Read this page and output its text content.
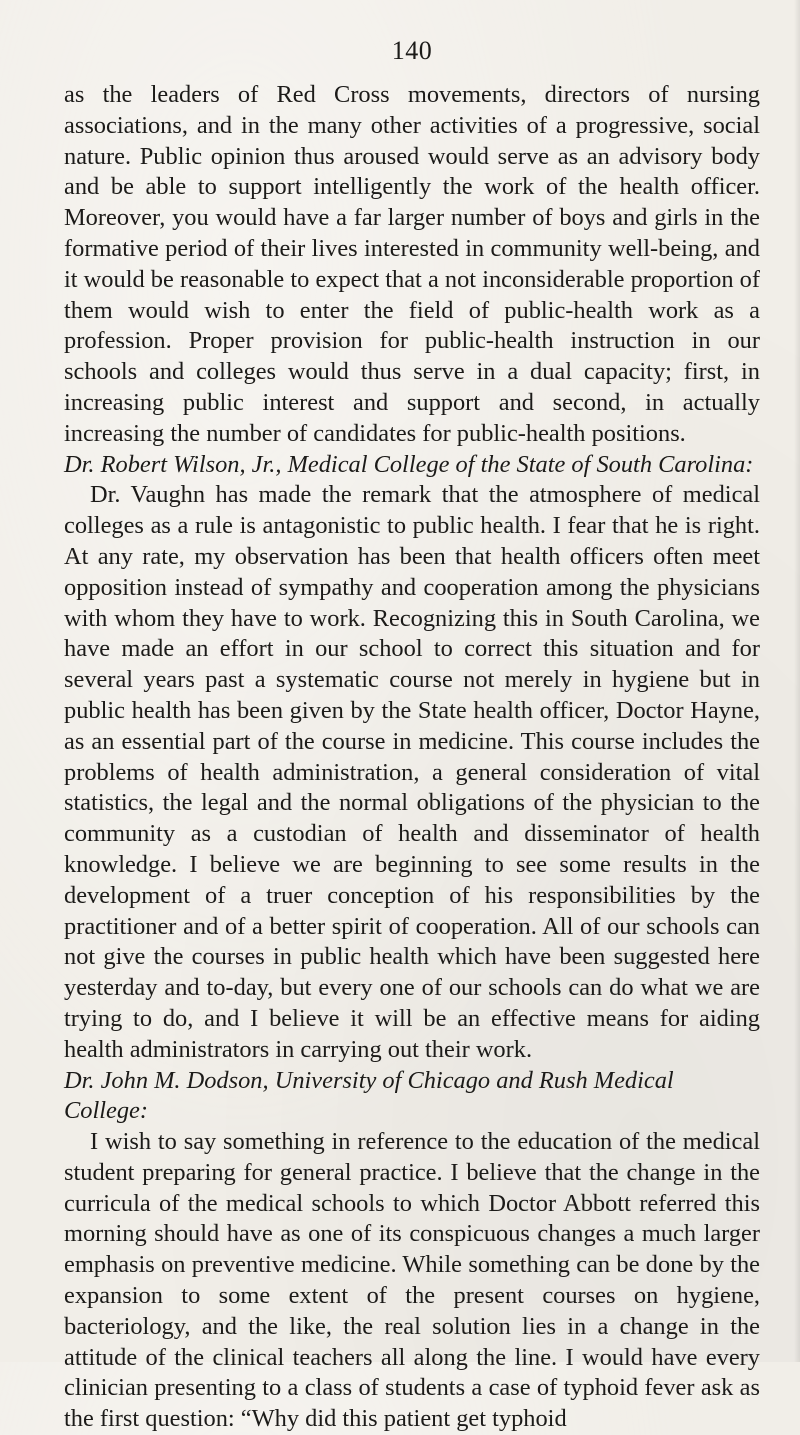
140

as the leaders of Red Cross movements, directors of nursing associations, and in the many other activities of a progressive, social nature. Public opinion thus aroused would serve as an advisory body and be able to support intelligently the work of the health officer. Moreover, you would have a far larger number of boys and girls in the formative period of their lives interested in community well-being, and it would be reasonable to expect that a not inconsiderable proportion of them would wish to enter the field of public-health work as a profession. Proper provision for public-health instruction in our schools and colleges would thus serve in a dual capacity; first, in increasing public interest and support and second, in actually increasing the number of candidates for public-health positions.

Dr. Robert Wilson, Jr., Medical College of the State of South Carolina:

Dr. Vaughn has made the remark that the atmosphere of medical colleges as a rule is antagonistic to public health. I fear that he is right. At any rate, my observation has been that health officers often meet opposition instead of sympathy and cooperation among the physicians with whom they have to work. Recognizing this in South Carolina, we have made an effort in our school to correct this situation and for several years past a systematic course not merely in hygiene but in public health has been given by the State health officer, Doctor Hayne, as an essential part of the course in medicine. This course includes the problems of health administration, a general consideration of vital statistics, the legal and the normal obligations of the physician to the community as a custodian of health and disseminator of health knowledge. I believe we are beginning to see some results in the development of a truer conception of his responsibilities by the practitioner and of a better spirit of cooperation. All of our schools can not give the courses in public health which have been suggested here yesterday and to-day, but every one of our schools can do what we are trying to do, and I believe it will be an effective means for aiding health administrators in carrying out their work.

Dr. John M. Dodson, University of Chicago and Rush Medical College:

I wish to say something in reference to the education of the medical student preparing for general practice. I believe that the change in the curricula of the medical schools to which Doctor Abbott referred this morning should have as one of its conspicuous changes a much larger emphasis on preventive medicine. While something can be done by the expansion to some extent of the present courses on hygiene, bacteriology, and the like, the real solution lies in a change in the attitude of the clinical teachers all along the line. I would have every clinician presenting to a class of students a case of typhoid fever ask as the first question: “Why did this patient get typhoid
